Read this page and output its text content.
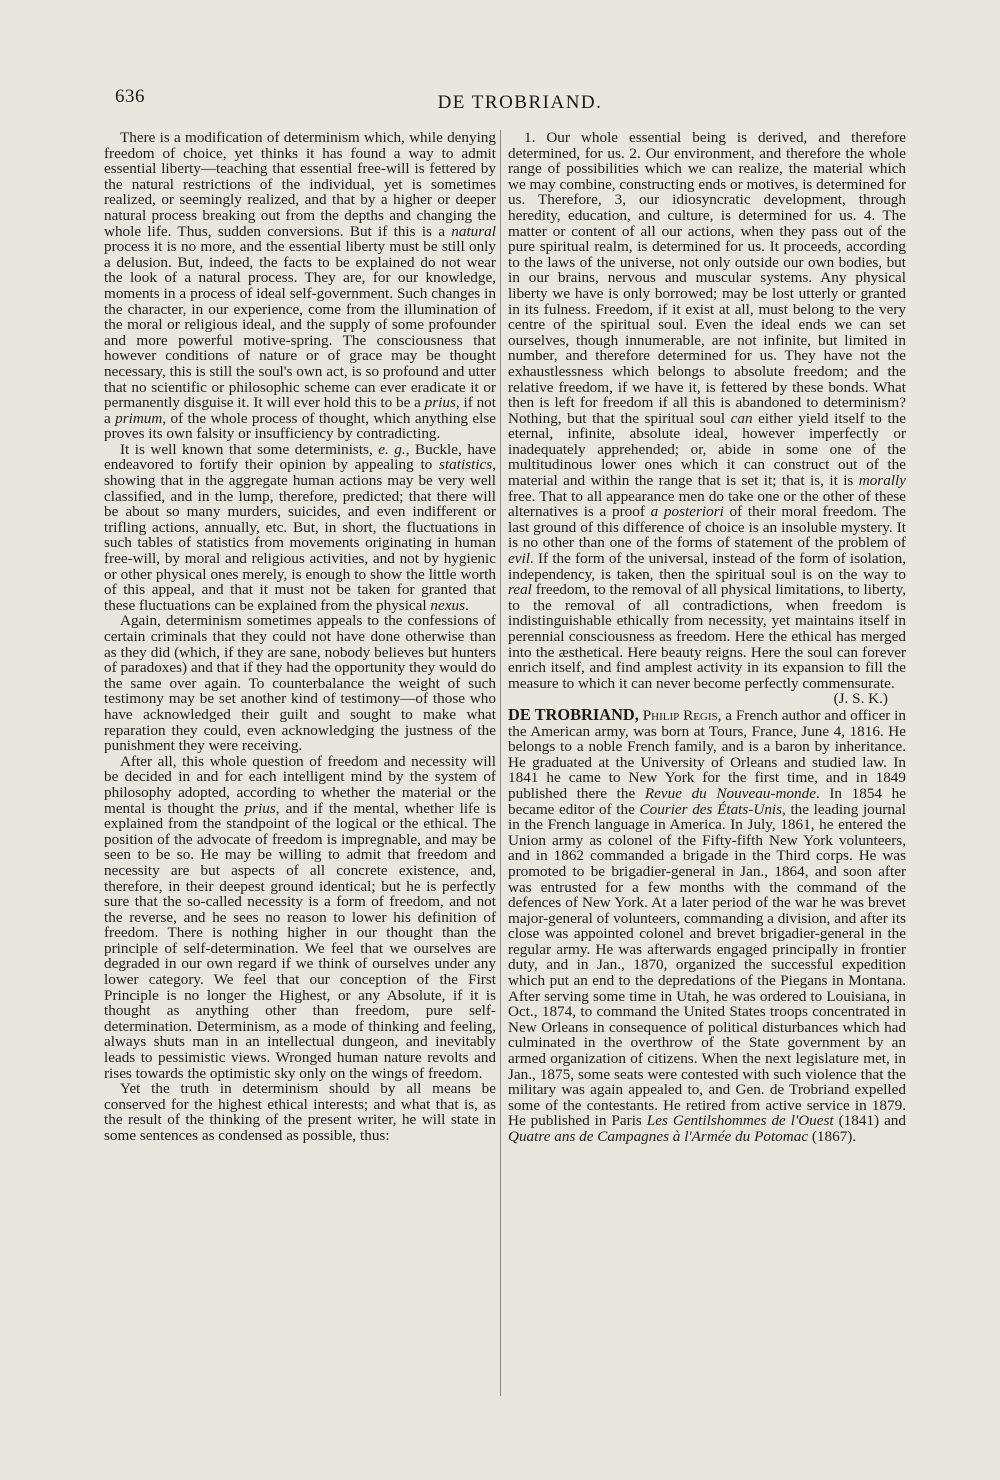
636	DE TROBRIAND.

There is a modification of determinism which, while denying freedom of choice, yet thinks it has found a way to admit essential liberty—teaching that essential free-will is fettered by the natural restrictions of the individual, yet is sometimes realized, or seemingly realized, and that by a higher or deeper natural process breaking out from the depths and changing the whole life. Thus, sudden conversions. But if this is a natural process it is no more, and the essential liberty must be still only a delusion. But, indeed, the facts to be explained do not wear the look of a natural process. They are, for our knowledge, moments in a process of ideal self-government. Such changes in the character, in our experience, come from the illumination of the moral or religious ideal, and the supply of some profounder and more powerful motive-spring. The consciousness that however conditions of nature or of grace may be thought necessary, this is still the soul's own act, is so profound and utter that no scientific or philosophic scheme can ever eradicate it or permanently disguise it. It will ever hold this to be a prius, if not a primum, of the whole process of thought, which anything else proves its own falsity or insufficiency by contradicting.

It is well known that some determinists, e. g., Buckle, have endeavored to fortify their opinion by appealing to statistics, showing that in the aggregate human actions may be very well classified, and in the lump, therefore, predicted; that there will be about so many murders, suicides, and even indifferent or trifling actions, annually, etc. But, in short, the fluctuations in such tables of statistics from movements originating in human free-will, by moral and religious activities, and not by hygienic or other physical ones merely, is enough to show the little worth of this appeal, and that it must not be taken for granted that these fluctuations can be explained from the physical nexus.

Again, determinism sometimes appeals to the confessions of certain criminals that they could not have done otherwise than as they did (which, if they are sane, nobody believes but hunters of paradoxes) and that if they had the opportunity they would do the same over again. To counterbalance the weight of such testimony may be set another kind of testimony—of those who have acknowledged their guilt and sought to make what reparation they could, even acknowledging the justness of the punishment they were receiving.

After all, this whole question of freedom and necessity will be decided in and for each intelligent mind by the system of philosophy adopted, according to whether the material or the mental is thought the prius, and if the mental, whether life is explained from the standpoint of the logical or the ethical. The position of the advocate of freedom is impregnable, and may be seen to be so. He may be willing to admit that freedom and necessity are but aspects of all concrete existence, and, therefore, in their deepest ground identical; but he is perfectly sure that the so-called necessity is a form of freedom, and not the reverse, and he sees no reason to lower his definition of freedom. There is nothing higher in our thought than the principle of self-determination. We feel that we ourselves are degraded in our own regard if we think of ourselves under any lower category. We feel that our conception of the First Principle is no longer the Highest, or any Absolute, if it is thought as anything other than freedom, pure self-determination. Determinism, as a mode of thinking and feeling, always shuts man in an intellectual dungeon, and inevitably leads to pessimistic views. Wronged human nature revolts and rises towards the optimistic sky only on the wings of freedom.

Yet the truth in determinism should by all means be conserved for the highest ethical interests; and what that is, as the result of the thinking of the present writer, he will state in some sentences as condensed as possible, thus:

1. Our whole essential being is derived, and therefore determined, for us. 2. Our environment, and therefore the whole range of possibilities which we can realize, the material which we may combine, constructing ends or motives, is determined for us. Therefore, 3, our idiosyncratic development, through heredity, education, and culture, is determined for us. 4. The matter or content of all our actions, when they pass out of the pure spiritual realm, is determined for us. It proceeds, according to the laws of the universe, not only outside our own bodies, but in our brains, nervous and muscular systems. Any physical liberty we have is only borrowed; may be lost utterly or granted in its fulness. Freedom, if it exist at all, must belong to the very centre of the spiritual soul. Even the ideal ends we can set ourselves, though innumerable, are not infinite, but limited in number, and therefore determined for us. They have not the exhaustlessness which belongs to absolute freedom; and the relative freedom, if we have it, is fettered by these bonds. What then is left for freedom if all this is abandoned to determinism? Nothing, but that the spiritual soul can either yield itself to the eternal, infinite, absolute ideal, however imperfectly or inadequately apprehended; or, abide in some one of the multitudinous lower ones which it can construct out of the material and within the range that is set it; that is, it is morally free. That to all appearance men do take one or the other of these alternatives is a proof a posteriori of their moral freedom. The last ground of this difference of choice is an insoluble mystery. It is no other than one of the forms of statement of the problem of evil. If the form of the universal, instead of the form of isolation, independency, is taken, then the spiritual soul is on the way to real freedom, to the removal of all physical limitations, to liberty, to the removal of all contradictions, when freedom is indistinguishable ethically from necessity, yet maintains itself in perennial consciousness as freedom. Here the ethical has merged into the æsthetical. Here beauty reigns. Here the soul can forever enrich itself, and find amplest activity in its expansion to fill the measure to which it can never become perfectly commensurate.

(J. S. K.)

DE TROBRIAND, Philip Regis, a French author and officer in the American army, was born at Tours, France, June 4, 1816. He belongs to a noble French family, and is a baron by inheritance. He graduated at the University of Orleans and studied law. In 1841 he came to New York for the first time, and in 1849 published there the Revue du Nouveau-monde. In 1854 he became editor of the Courier des États-Unis, the leading journal in the French language in America. In July, 1861, he entered the Union army as colonel of the Fifty-fifth New York volunteers, and in 1862 commanded a brigade in the Third corps. He was promoted to be brigadier-general in Jan., 1864, and soon after was entrusted for a few months with the command of the defences of New York. At a later period of the war he was brevet major-general of volunteers, commanding a division, and after its close was appointed colonel and brevet brigadier-general in the regular army. He was afterwards engaged principally in frontier duty, and in Jan., 1870, organized the successful expedition which put an end to the depredations of the Piegans in Montana. After serving some time in Utah, he was ordered to Louisiana, in Oct., 1874, to command the United States troops concentrated in New Orleans in consequence of political disturbances which had culminated in the overthrow of the State government by an armed organization of citizens. When the next legislature met, in Jan., 1875, some seats were contested with such violence that the military was again appealed to, and Gen. de Trobriand expelled some of the contestants. He retired from active service in 1879. He published in Paris Les Gentilshommes de l'Ouest (1841) and Quatre ans de Campagnes à l'Armée du Potomac (1867).
